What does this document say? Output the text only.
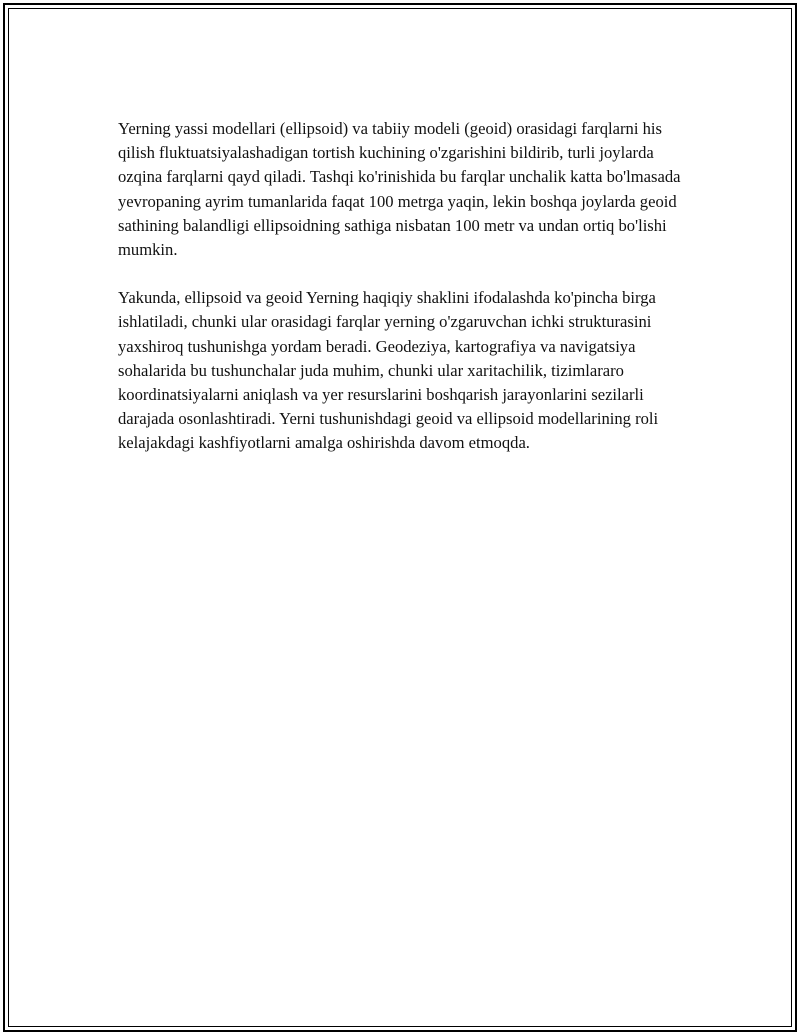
Yerning yassi modellari (ellipsoid) va tabiiy modeli (geoid) orasidagi farqlarni his qilish fluktuatsiyalashadigan tortish kuchining o'zgarishini bildirib, turli joylarda ozqina farqlarni qayd qiladi. Tashqi ko'rinishida bu farqlar unchalik katta bo'lmasada yevropaning ayrim tumanlarida faqat 100 metrga yaqin, lekin boshqa joylarda geoid sathining balandligi ellipsoidning sathiga nisbatan 100 metr va undan ortiq bo'lishi mumkin.

Yakunda, ellipsoid va geoid Yerning haqiqiy shaklini ifodalashda ko'pincha birga ishlatiladi, chunki ular orasidagi farqlar yerning o'zgaruvchan ichki strukturasini yaxshiroq tushunishga yordam beradi. Geodeziya, kartografiya va navigatsiya sohalarida bu tushunchalar juda muhim, chunki ular xaritachilik, tizimlararo koordinatsiyalarni aniqlash va yer resurslarini boshqarish jarayonlarini sezilarli darajada osonlashtiradi. Yerni tushunishdagi geoid va ellipsoid modellarining roli kelajakdagi kashfiyotlarni amalga oshirishda davom etmoqda.
